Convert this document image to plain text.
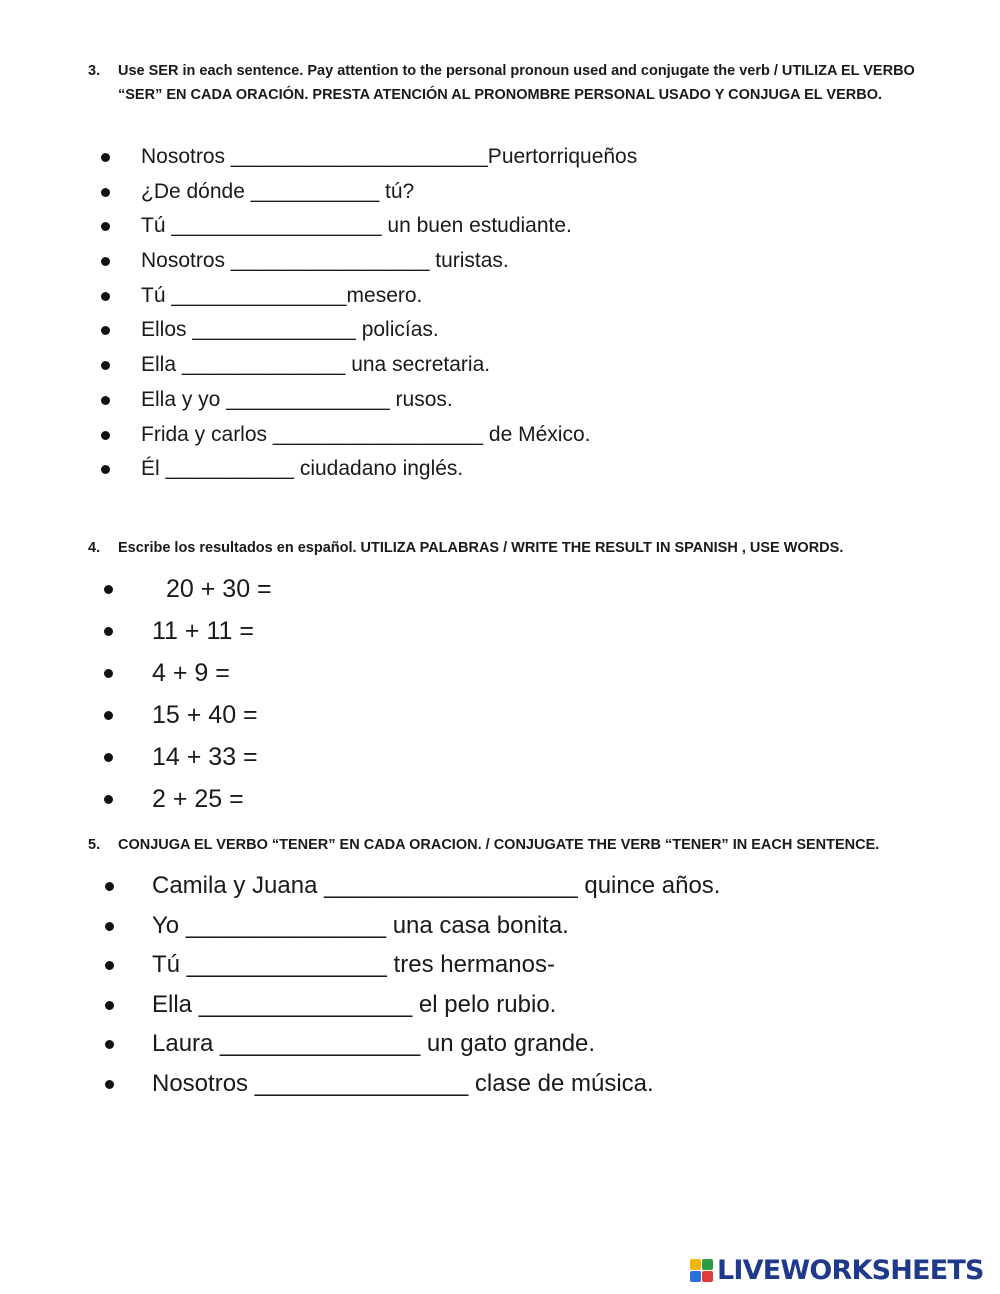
3. Use SER in each sentence. Pay attention to the personal pronoun used and conjugate the verb / UTILIZA EL VERBO “SER” EN CADA ORACIÓN. PRESTA ATENCIÓN AL PRONOMBRE PERSONAL USADO Y CONJUGA EL VERBO.
Nosotros ______________________Puertorriqueños
¿De dónde ___________ tú?
Tú __________________ un buen estudiante.
Nosotros _________________ turistas.
Tú _______________mesero.
Ellos ______________ policías.
Ella ______________ una secretaria.
Ella y yo ______________ rusos.
Frida y carlos __________________ de México.
Él ___________ ciudadano inglés.
4. Escribe los resultados en español. UTILIZA PALABRAS / WRITE THE RESULT IN SPANISH , USE WORDS.
20 + 30 =
11 + 11 =
4 + 9 =
15 + 40 =
14 + 33 =
2 + 25 =
5. CONJUGA EL VERBO “TENER” EN CADA ORACION. / CONJUGATE THE VERB “TENER” IN EACH SENTENCE.
Camila y Juana ___________________ quince años.
Yo _______________ una casa bonita.
Tú _______________ tres hermanos-
Ella ________________ el pelo rubio.
Laura _______________ un gato grande.
Nosotros ________________ clase de música.
LIVEWORKSHEETS
